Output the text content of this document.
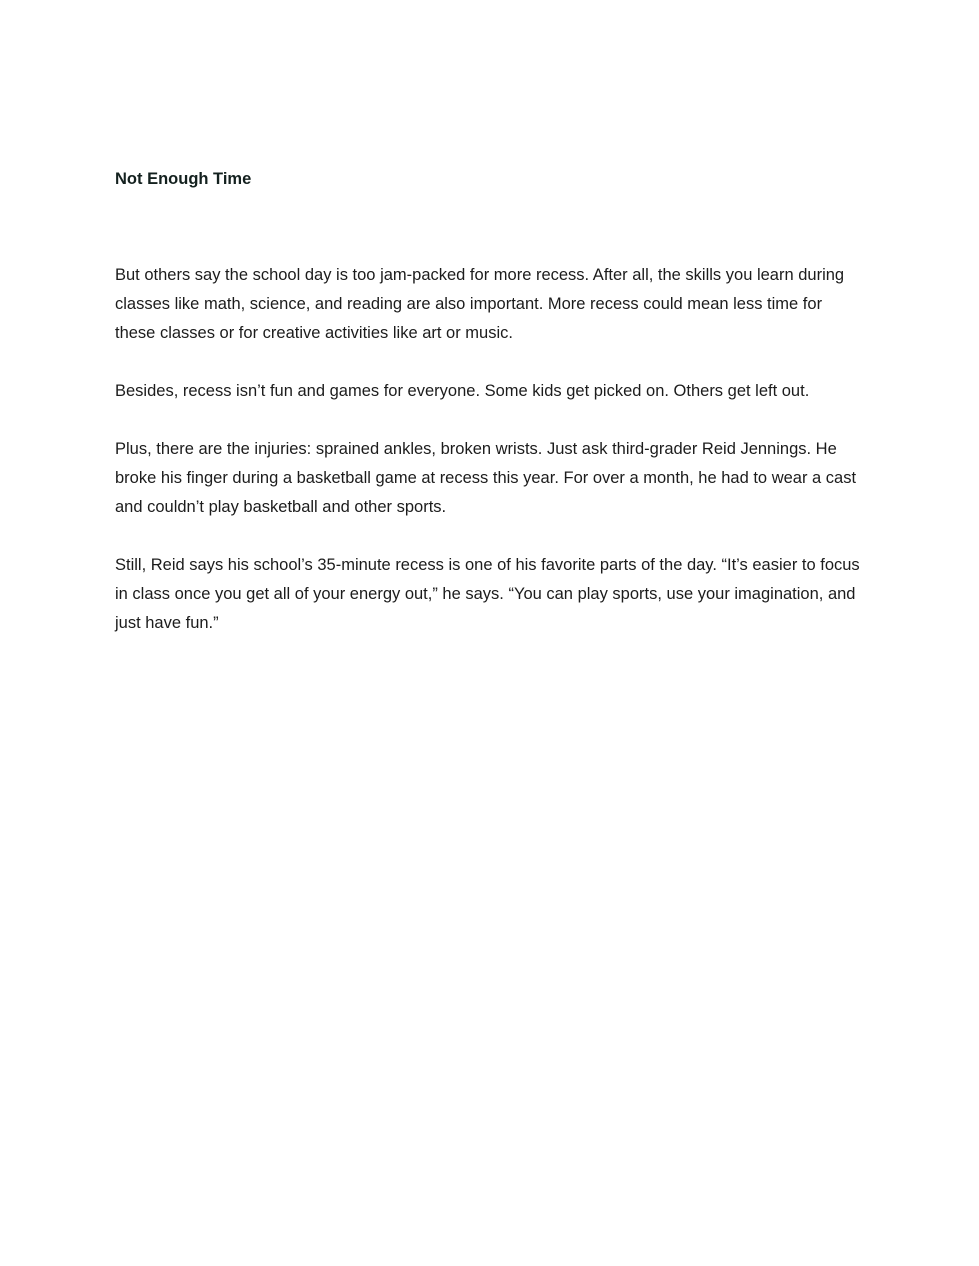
Not Enough Time

But others say the school day is too jam-packed for more recess. After all, the skills you learn during classes like math, science, and reading are also important. More recess could mean less time for these classes or for creative activities like art or music.

Besides, recess isn’t fun and games for everyone. Some kids get picked on. Others get left out.

Plus, there are the injuries: sprained ankles, broken wrists. Just ask third-grader Reid Jennings. He broke his finger during a basketball game at recess this year. For over a month, he had to wear a cast and couldn’t play basketball and other sports.

Still, Reid says his school’s 35-minute recess is one of his favorite parts of the day. “It’s easier to focus in class once you get all of your energy out,” he says. “You can play sports, use your imagination, and just have fun.”
